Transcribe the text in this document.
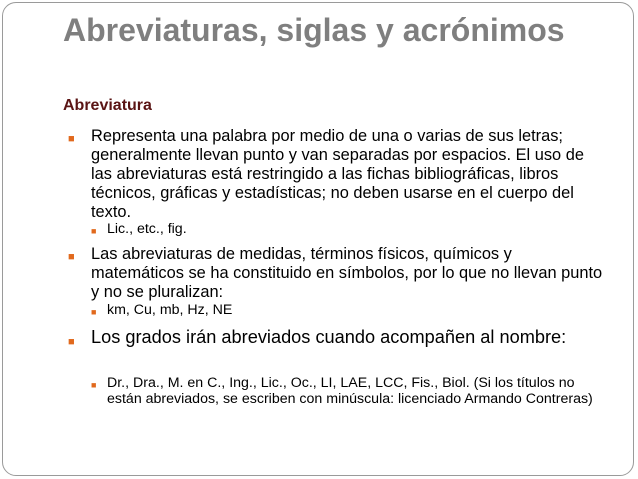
Abreviaturas, siglas y acrónimos
Abreviatura
■ Representa una palabra por medio de una o varias de sus letras; generalmente llevan punto y van separadas por espacios. El uso de las abreviaturas está restringido a las fichas bibliográficas, libros técnicos, gráficas y estadísticas; no deben usarse en el cuerpo del texto.
■ Lic., etc., fig.
■ Las abreviaturas de medidas, términos físicos, químicos y matemáticos se ha constituido en símbolos, por lo que no llevan punto y no se pluralizan:
■ km, Cu, mb, Hz, NE
■ Los grados irán abreviados cuando acompañen al nombre:
■ Dr., Dra., M. en C., Ing., Lic., Oc., LI, LAE, LCC, Fis., Biol. (Si los títulos no están abreviados, se escriben con minúscula: licenciado Armando Contreras)
